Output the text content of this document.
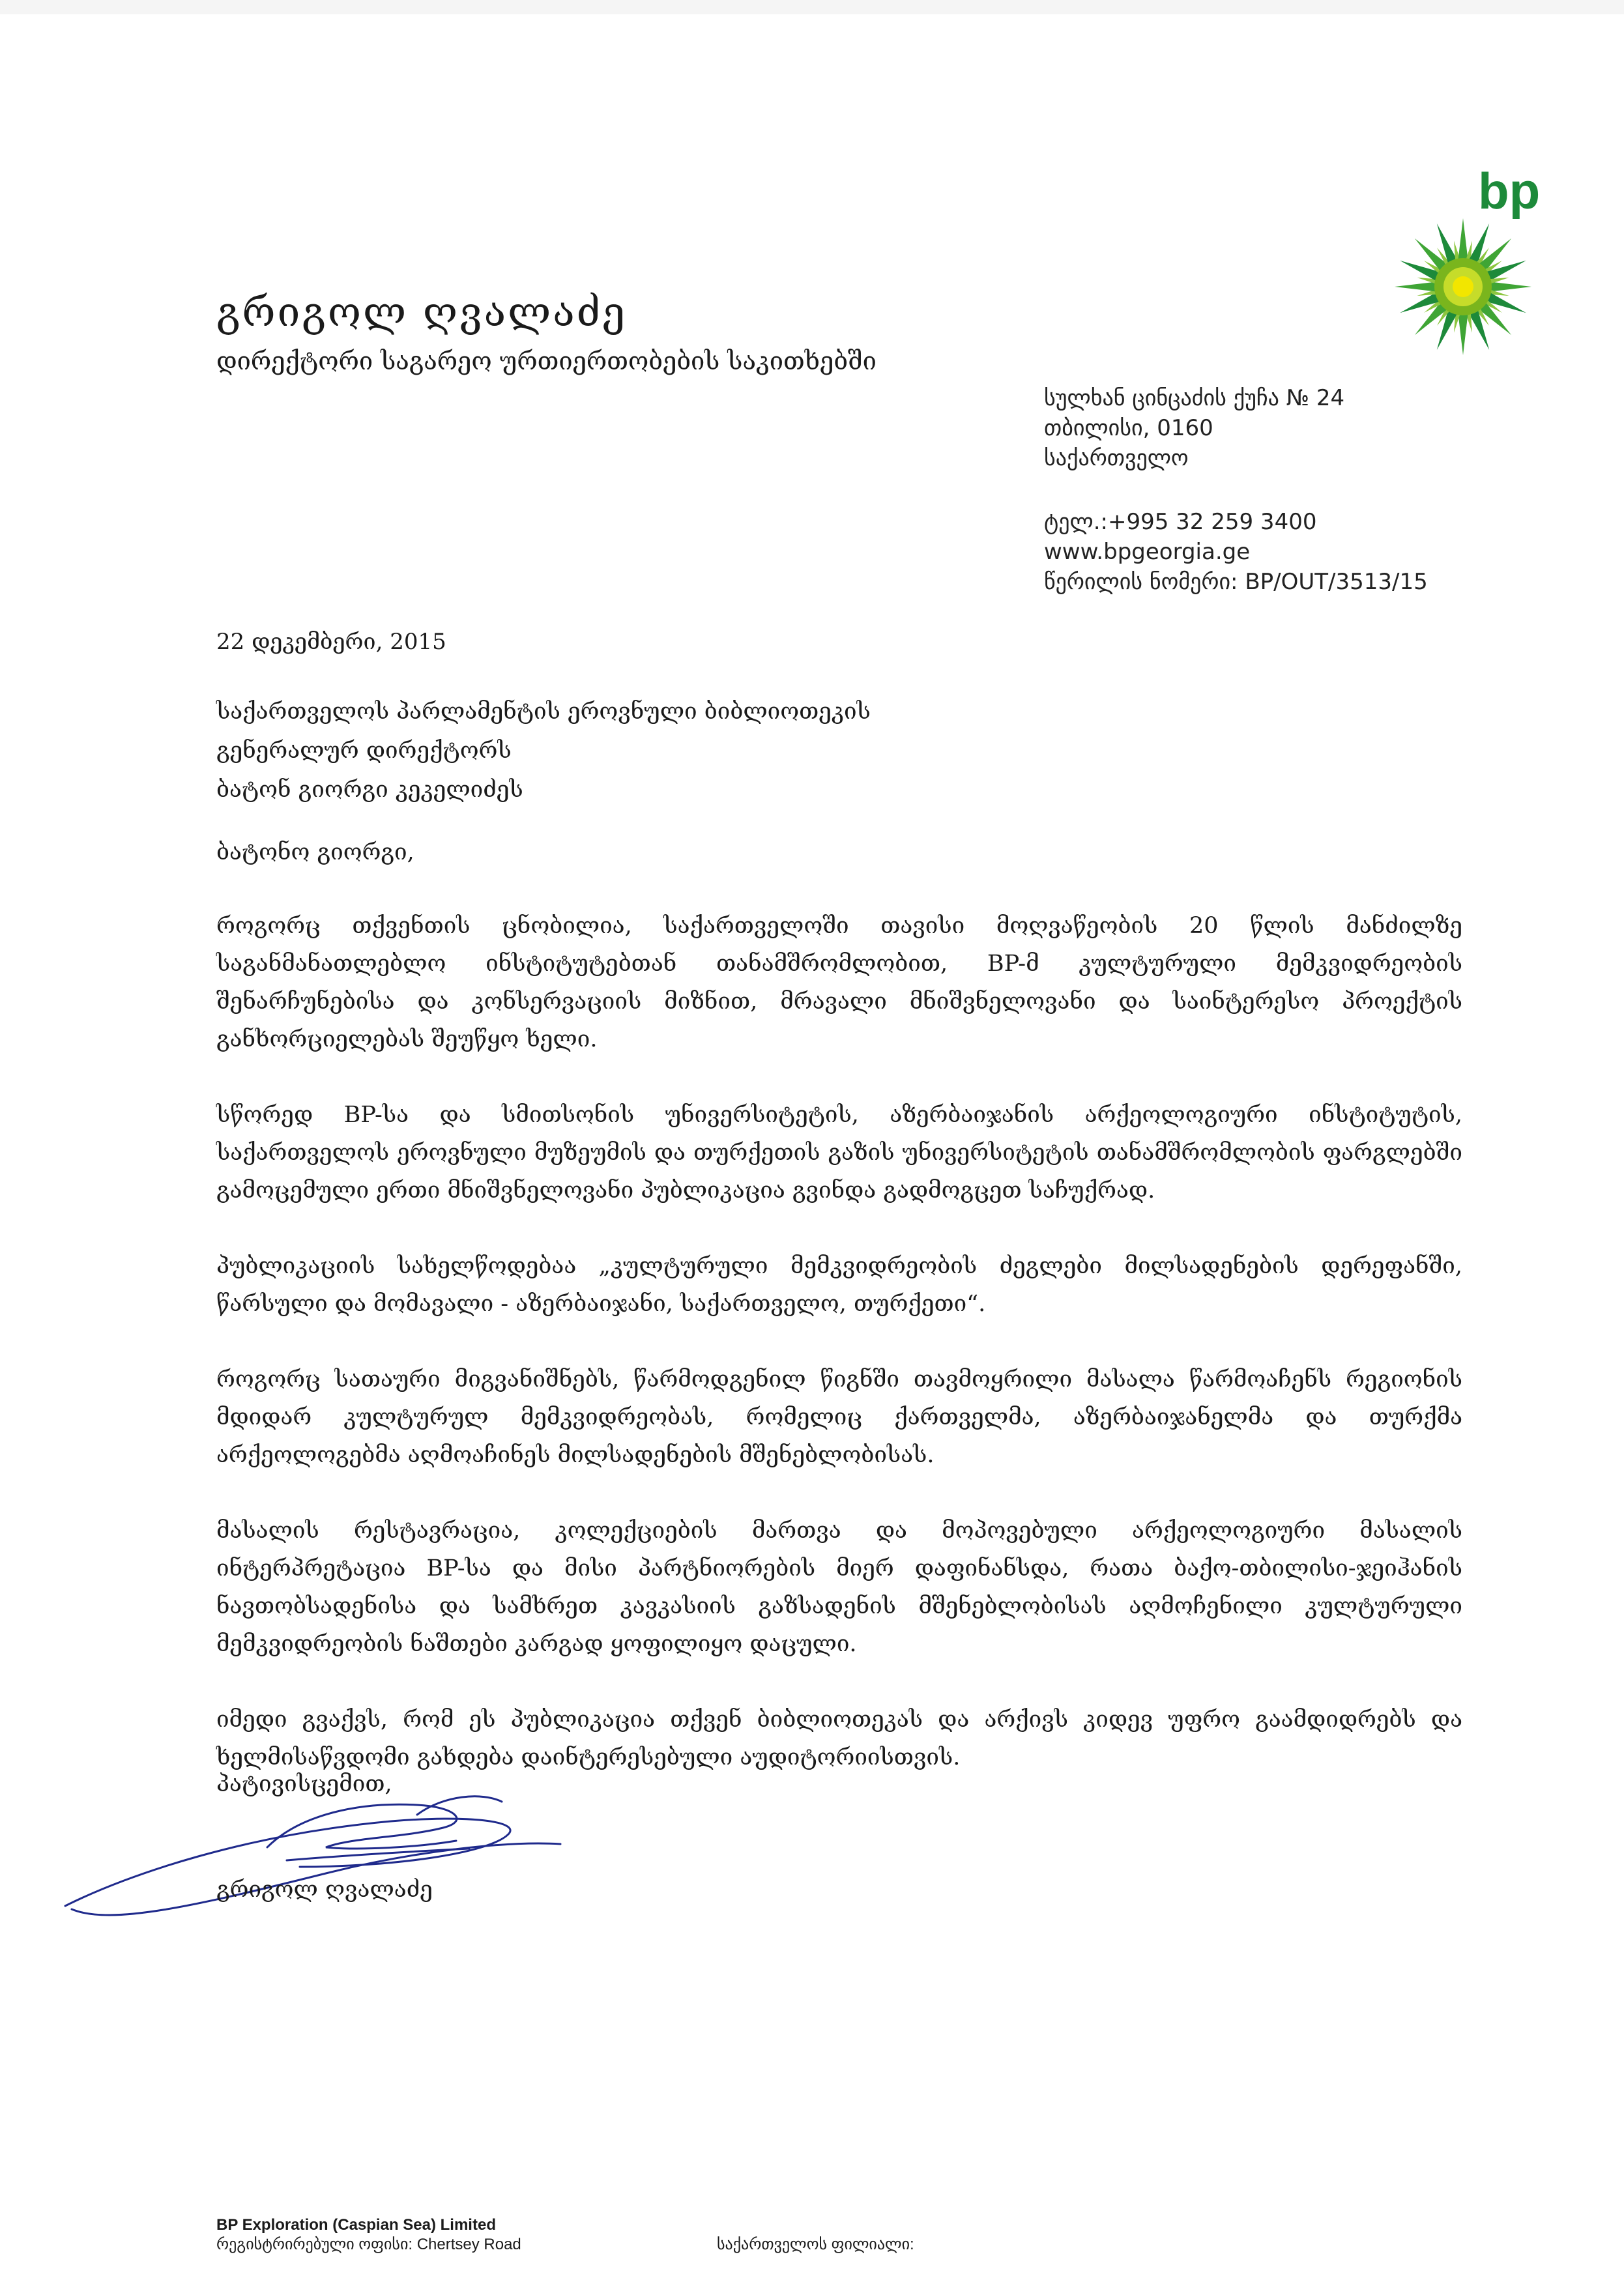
გრიგოლ ღვალაძე
დირექტორი საგარეო ურთიერთობების საკითხებში
bp
სულხან ცინცაძის ქუჩა № 24
თბილისი, 0160
საქართველო
ტელ.:+995 32 259 3400
www.bpgeorgia.ge
წერილის ნომერი: BP/OUT/3513/15
22 დეკემბერი, 2015
საქართველოს პარლამენტის ეროვნული ბიბლიოთეკის
გენერალურ დირექტორს
ბატონ გიორგი კეკელიძეს
ბატონო გიორგი,

როგორც თქვენთის ცნობილია, საქართველოში თავისი მოღვაწეობის 20 წლის მანძილზე საგანმანათლებლო ინსტიტუტებთან თანამშრომლობით, BP-მ კულტურული მემკვიდრეობის შენარჩუნებისა და კონსერვაციის მიზნით, მრავალი მნიშვნელოვანი და საინტერესო პროექტის განხორციელებას შეუწყო ხელი.

სწორედ BP-სა და სმითსონის უნივერსიტეტის, აზერბაიჯანის არქეოლოგიური ინსტიტუტის, საქართველოს ეროვნული მუზეუმის და თურქეთის გაზის უნივერსიტეტის თანამშრომლობის ფარგლებში გამოცემული ერთი მნიშვნელოვანი პუბლიკაცია გვინდა გადმოგცეთ საჩუქრად.

პუბლიკაციის სახელწოდებაა „კულტურული მემკვიდრეობის ძეგლები მილსადენების დერეფანში, წარსული და მომავალი - აზერბაიჯანი, საქართველო, თურქეთი“.

როგორც სათაური მიგვანიშნებს, წარმოდგენილ წიგნში თავმოყრილი მასალა წარმოაჩენს რეგიონის მდიდარ კულტურულ მემკვიდრეობას, რომელიც ქართველმა, აზერბაიჯანელმა და თურქმა არქეოლოგებმა აღმოაჩინეს მილსადენების მშენებლობისას.

მასალის რესტავრაცია, კოლექციების მართვა და მოპოვებული არქეოლოგიური მასალის ინტერპრეტაცია BP-სა და მისი პარტნიორების მიერ დაფინანსდა, რათა ბაქო-თბილისი-ჯეიჰანის ნავთობსადენისა და სამხრეთ კავკასიის გაზსადენის მშენებლობისას აღმოჩენილი კულტურული მემკვიდრეობის ნაშთები კარგად ყოფილიყო დაცული.

იმედი გვაქვს, რომ ეს პუბლიკაცია თქვენ ბიბლიოთეკას და არქივს კიდევ უფრო გაამდიდრებს და ხელმისაწვდომი გახდება დაინტერესებული აუდიტორიისთვის.

პატივისცემით,
გრიგოლ ღვალაძე
BP Exploration (Caspian Sea) Limited
რეგისტრირებული ოფისი: Chertsey Road	საქართველოს ფილიალი:
